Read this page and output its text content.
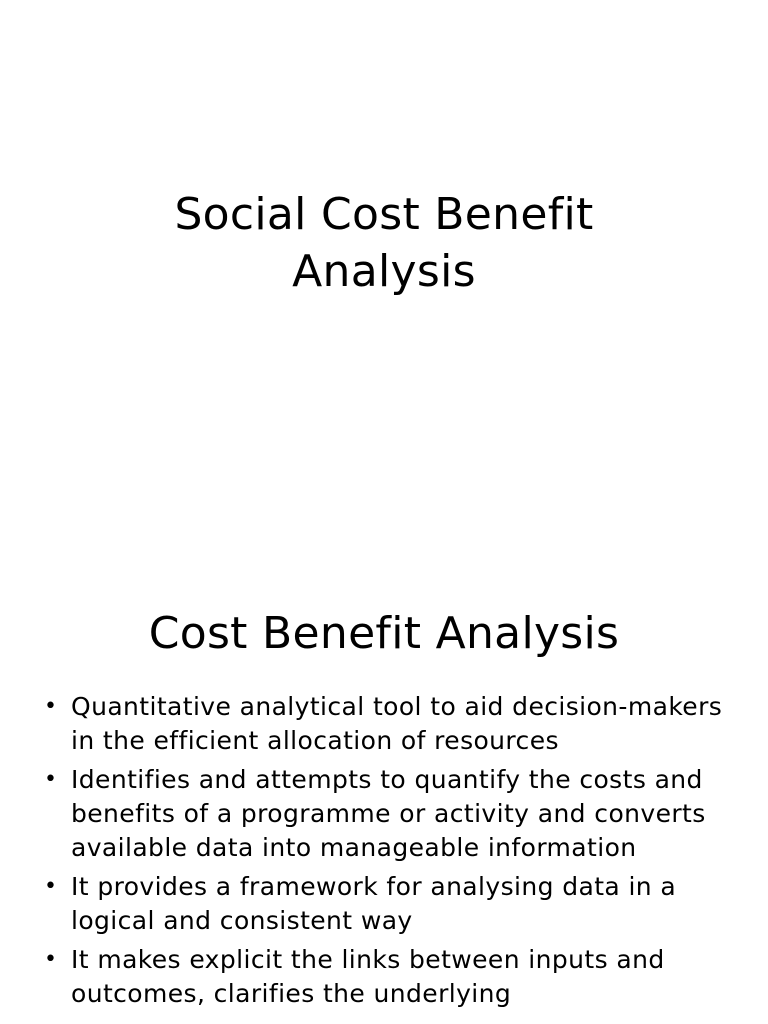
Social Cost Benefit
Analysis
Cost Benefit Analysis
• Quantitative analytical tool to aid decision-makers in the efficient allocation of resources
• Identifies and attempts to quantify the costs and benefits of a programme or activity and converts available data into manageable information
• It provides a framework for analysing data in a logical and consistent way
• It makes explicit the links between inputs and outcomes, clarifies the underlying
